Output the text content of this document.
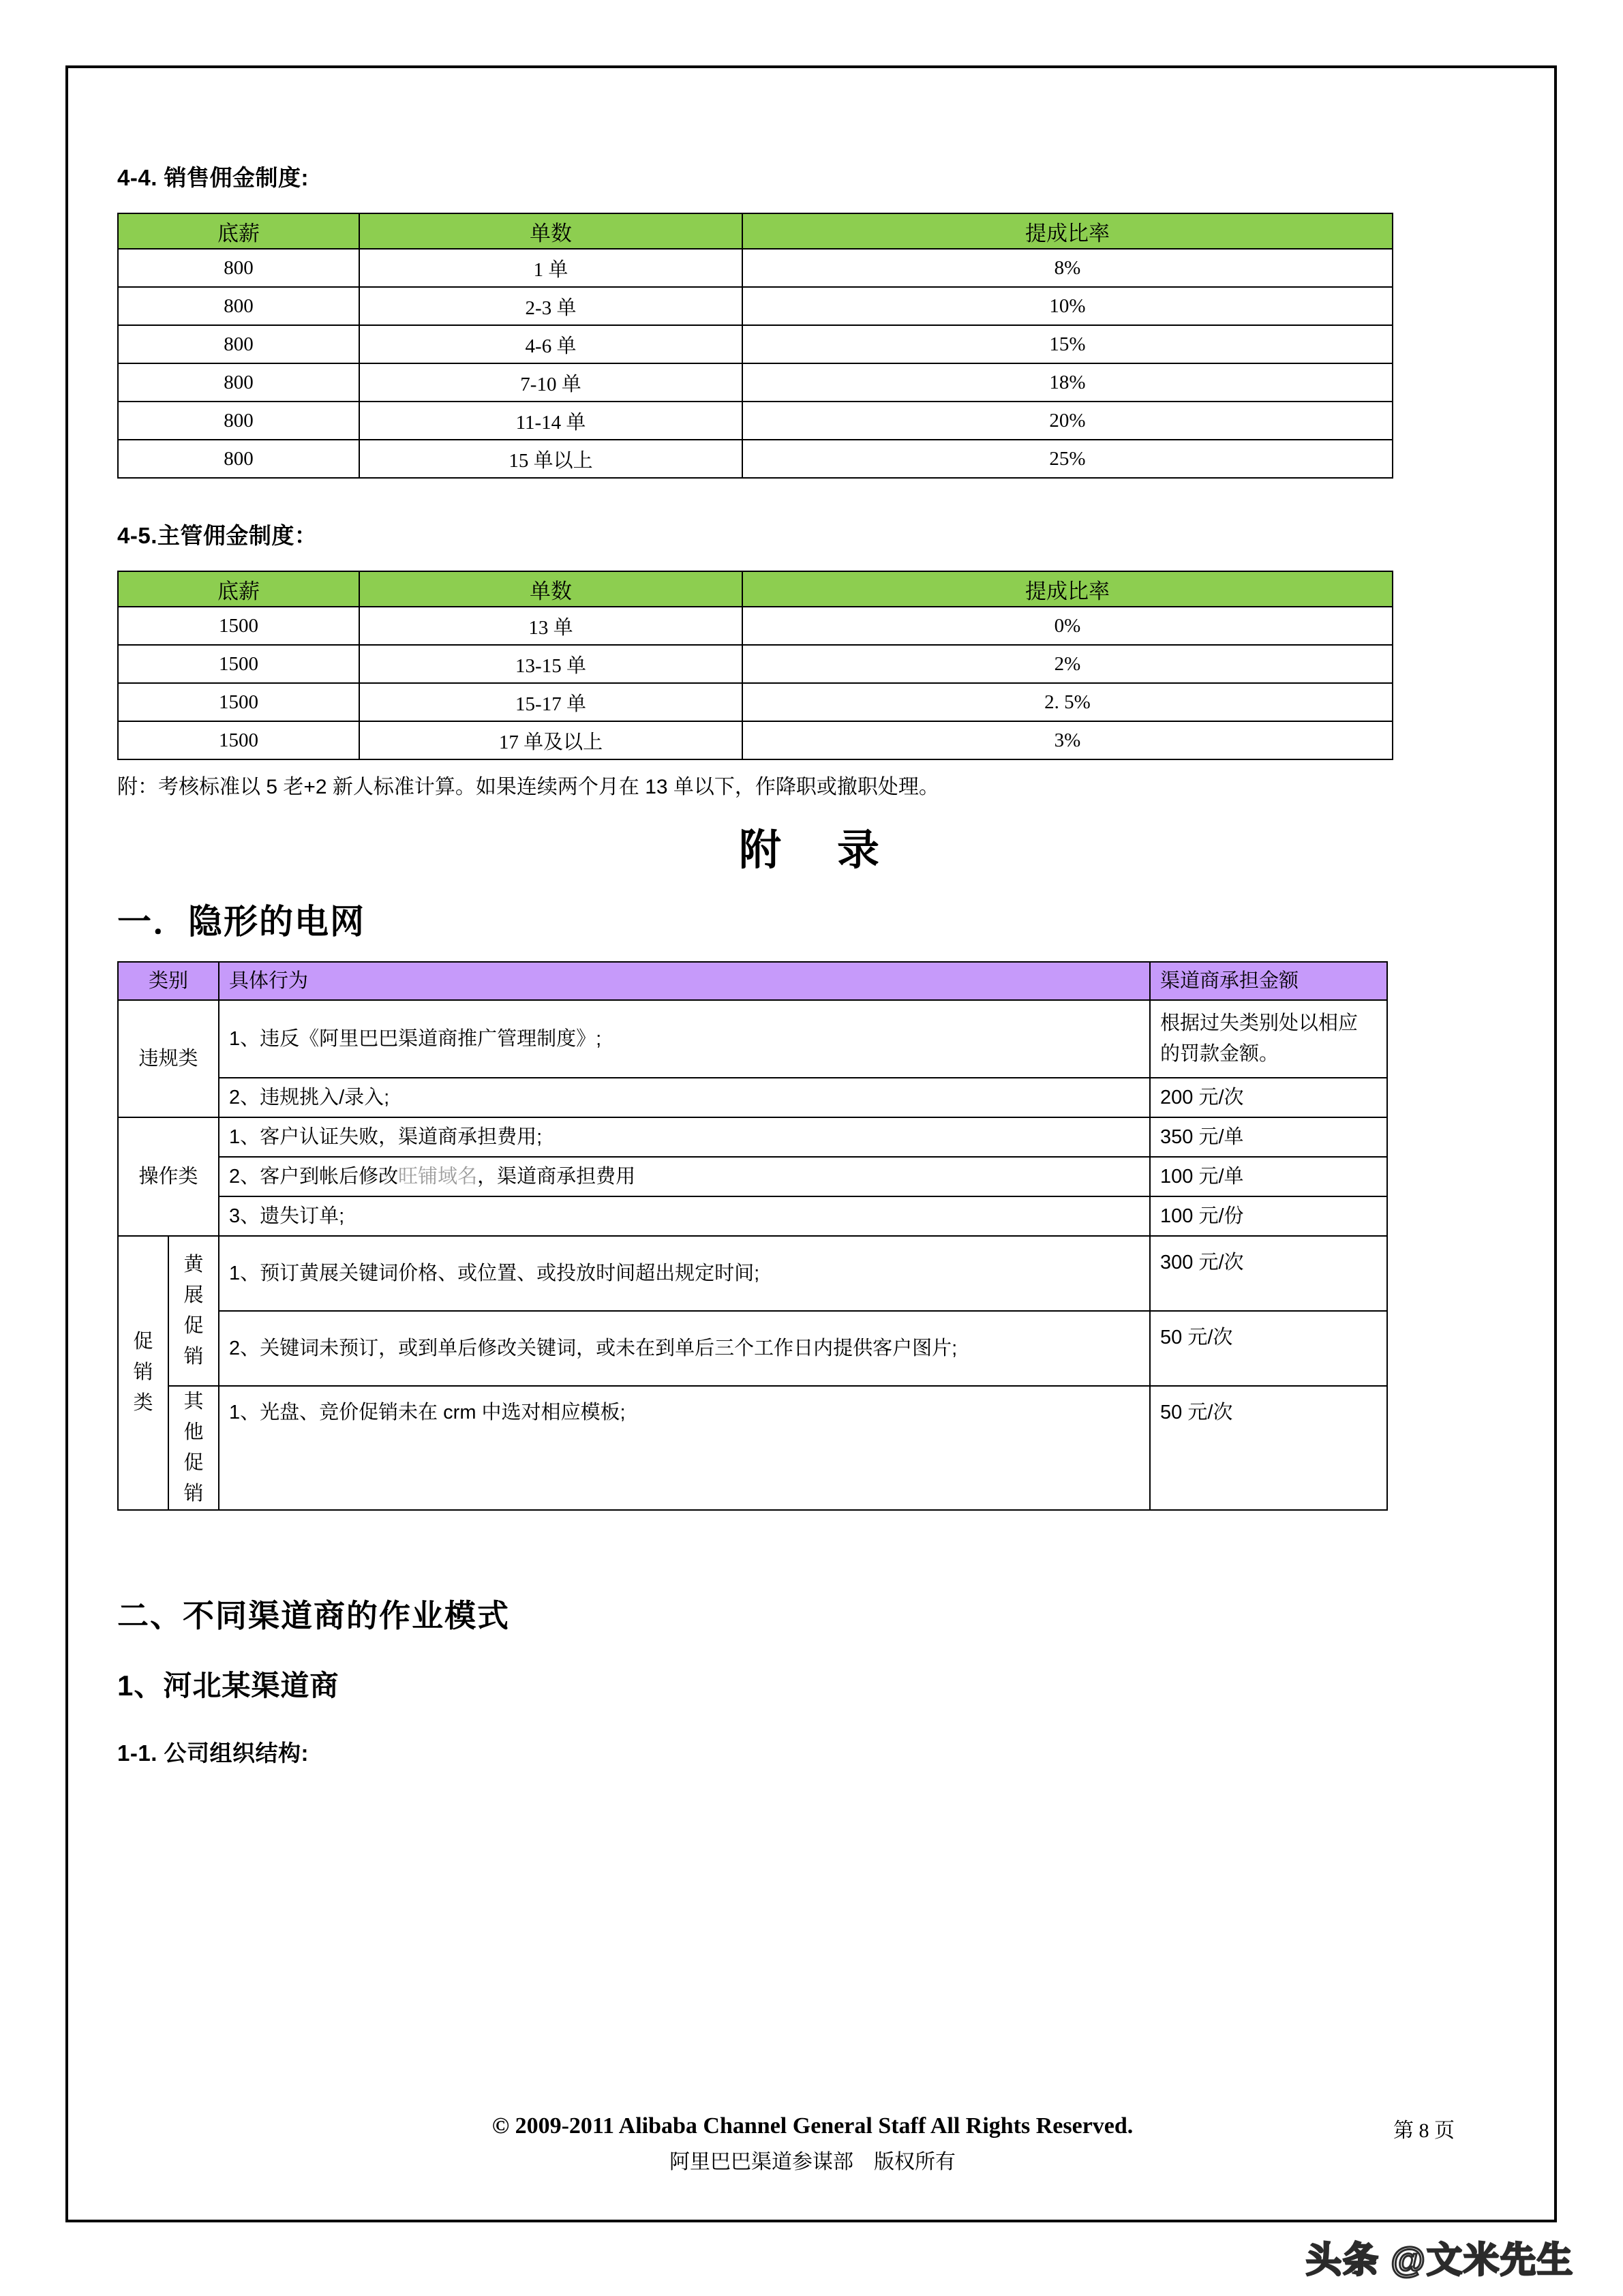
4-4. 销售佣金制度:
底薪	单数	提成比率
800	1 单	8%
800	2-3 单	10%
800	4-6 单	15%
800	7-10 单	18%
800	11-14 单	20%
800	15 单以上	25%
4-5.主管佣金制度：
底薪	单数	提成比率
1500	13 单	0%
1500	13-15 单	2%
1500	15-17 单	2. 5%
1500	17 单及以上	3%
附：考核标准以 5 老+2 新人标准计算。如果连续两个月在 13 单以下，作降职或撤职处理。
附　录
一．隐形的电网
类别		具体行为	渠道商承担金额
违规类		1、违反《阿里巴巴渠道商推广管理制度》;	根据过失类别处以相应的罚款金额。
		2、违规挑入/录入;	200 元/次
操作类		1、客户认证失败，渠道商承担费用;	350 元/单
		2、客户到帐后修改旺铺域名，渠道商承担费用	100 元/单
		3、遗失订单;	100 元/份
促销类	黄展促销	1、预订黄展关键词价格、或位置、或投放时间超出规定时间;	300 元/次
		2、关键词未预订，或到单后修改关键词，或未在到单后三个工作日内提供客户图片;	50 元/次
	其他促销	1、光盘、竞价促销未在 crm 中选对相应模板;	50 元/次
二、不同渠道商的作业模式
1、河北某渠道商
1-1. 公司组织结构:
© 2009-2011 Alibaba Channel General Staff All Rights Reserved.
阿里巴巴渠道参谋部　版权所有
第 8 页
头条 @文米先生
